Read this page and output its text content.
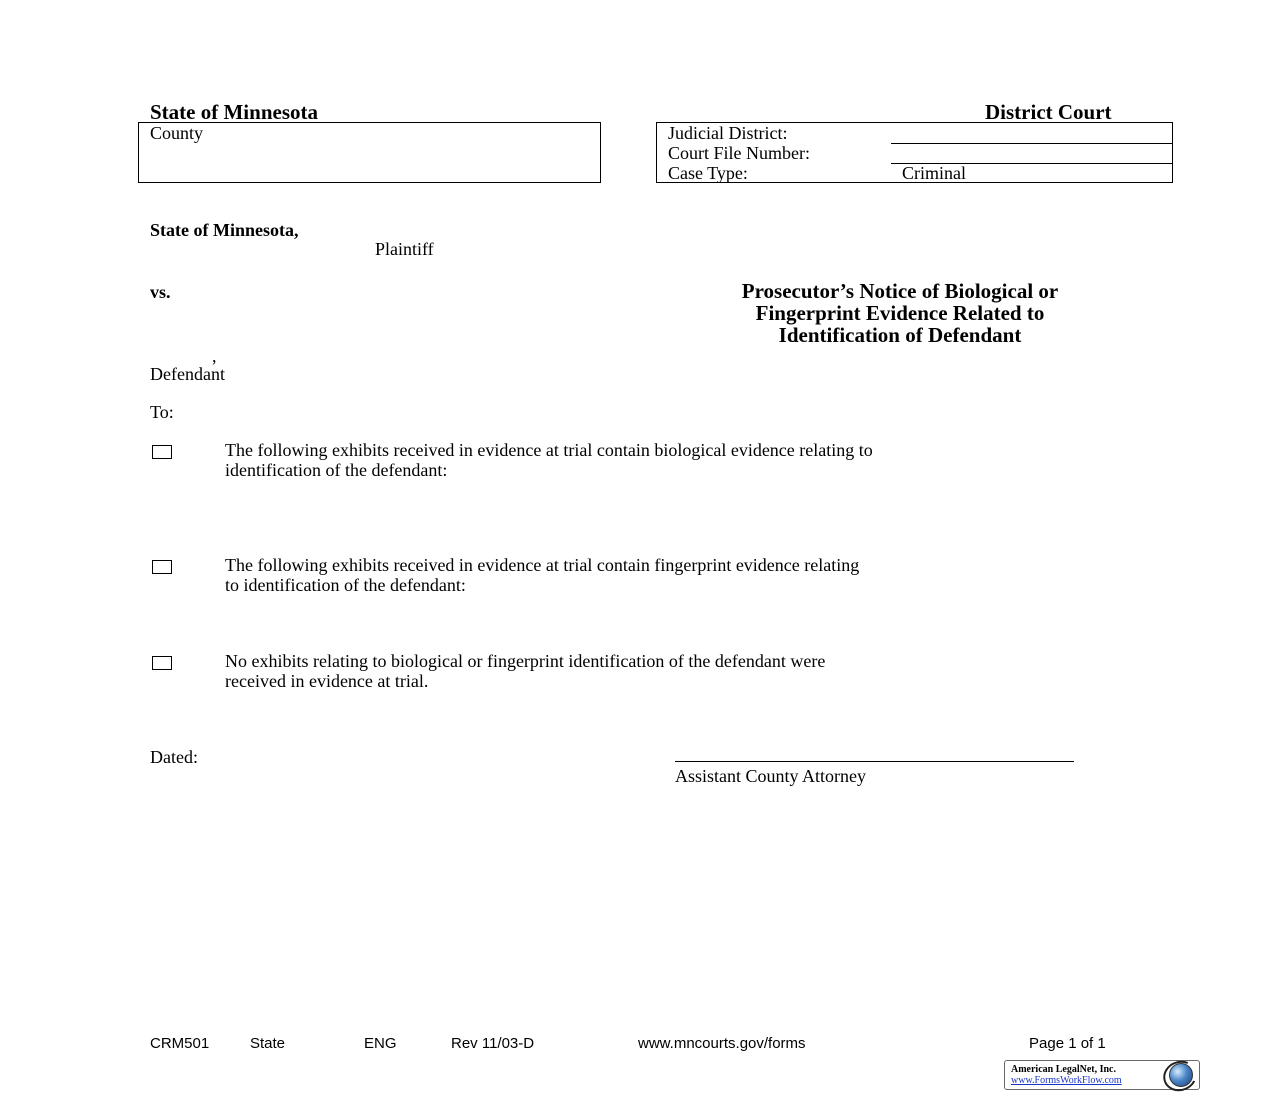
State of Minnesota	District Court
County	Judicial District:
Court File Number:
Case Type:	Criminal
State of Minnesota,
Plaintiff
vs.
,
Defendant
Prosecutor’s Notice of Biological or
Fingerprint Evidence Related to
Identification of Defendant
To:
The following exhibits received in evidence at trial contain biological evidence relating to
identification of the defendant:
The following exhibits received in evidence at trial contain fingerprint evidence relating
to identification of the defendant:
No exhibits relating to biological or fingerprint identification of the defendant were
received in evidence at trial.
Dated:
Assistant County Attorney
CRM501	State	ENG	Rev 11/03-D	www.mncourts.gov/forms	Page 1 of 1
American LegalNet, Inc.
www.FormsWorkFlow.com
